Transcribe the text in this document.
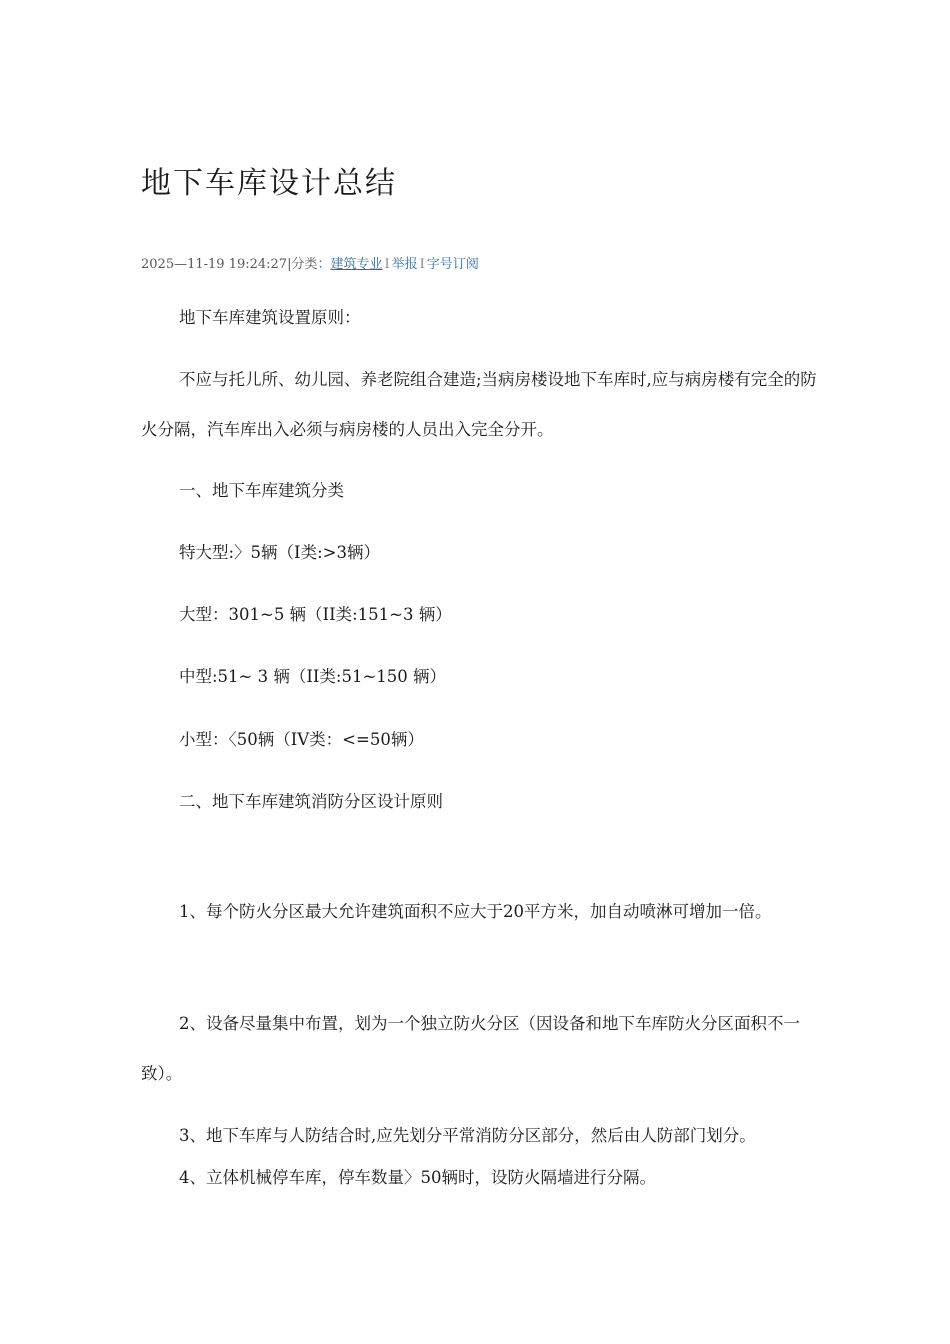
地下车库设计总结
2025—11-19 19:24:27|分类：建筑专业 I 举报 I 字号订阅

地下车库建筑设置原则：

不应与托儿所、幼儿园、养老院组合建造;当病房楼设地下车库时,应与病房楼有完全的防火分隔，汽车库出入必须与病房楼的人员出入完全分开。

一、地下车库建筑分类

特大型:〉5辆（I类:>3辆）

大型：301~5 辆（II类:151~3 辆）

中型:51~ 3 辆（II类:51~150 辆）

小型：〈50辆（IV类：<=50辆）

二、地下车库建筑消防分区设计原则

1、每个防火分区最大允许建筑面积不应大于20平方米，加自动喷淋可增加一倍。

2、设备尽量集中布置，划为一个独立防火分区（因设备和地下车库防火分区面积不一致）。

3、地下车库与人防结合时,应先划分平常消防分区部分，然后由人防部门划分。

4、立体机械停车库，停车数量〉50辆时，设防火隔墙进行分隔。
